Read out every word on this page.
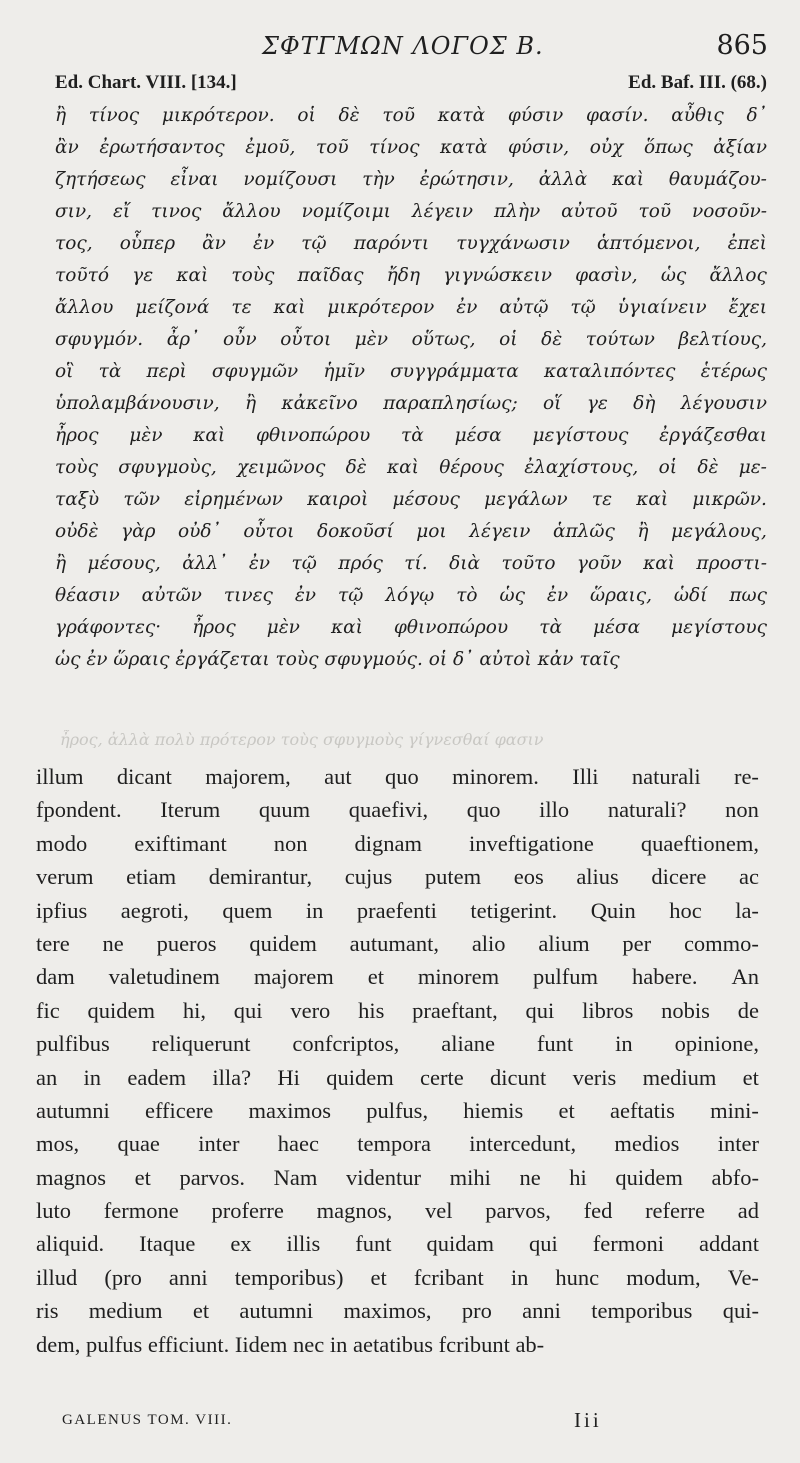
ΣΦΤΓΜΩΝ ΛΟΓΟΣ Β.	865
Ed. Chart. VIII. [134.]	Ed. Baf. III. (68.)
ἢ τίνος μικρότερον. οἱ δὲ τοῦ κατὰ φύσιν φασίν. αὖθις δ᾽
ἂν ἐρωτήσαντος ἐμοῦ, τοῦ τίνος κατὰ φύσιν, οὐχ ὅπως ἀξίαν
ζητήσεως εἶναι νομίζουσι τὴν ἐρώτησιν, ἀλλὰ καὶ θαυμάζου-
σιν, εἴ τινος ἄλλου νομίζοιμι λέγειν πλὴν αὐτοῦ τοῦ νοσοῦν-
τος, οὗπερ ἂν ἐν τῷ παρόντι τυγχάνωσιν ἁπτόμενοι, ἐπεὶ
τοῦτό γε καὶ τοὺς παῖδας ἤδη γιγνώσκειν φασὶν, ὡς ἄλλος
ἄλλου μείζονά τε καὶ μικρότερον ἐν αὐτῷ τῷ ὑγιαίνειν ἔχει
σφυγμόν. ἆρ᾽ οὖν οὗτοι μὲν οὕτως, οἱ δὲ τούτων βελτίους,
οἳ τὰ περὶ σφυγμῶν ἡμῖν συγγράμματα καταλιπόντες ἑτέρως
ὑπολαμβάνουσιν, ἢ κἀκεῖνο παραπλησίως; οἵ γε δὴ λέγουσιν
ἦρος μὲν καὶ φθινοπώρου τὰ μέσα μεγίστους ἐργάζεσθαι
τοὺς σφυγμοὺς, χειμῶνος δὲ καὶ θέρους ἐλαχίστους, οἱ δὲ με-
ταξὺ τῶν εἰρημένων καιροὶ μέσους μεγάλων τε καὶ μικρῶν.
οὐδὲ γὰρ οὐδ᾽ οὗτοι δοκοῦσί μοι λέγειν ἁπλῶς ἢ μεγάλους,
ἢ μέσους, ἀλλ᾽ ἐν τῷ πρός τί. διὰ τοῦτο γοῦν καὶ προστι-
θέασιν αὐτῶν τινες ἐν τῷ λόγῳ τὸ ὡς ἐν ὥραις, ὡδί πως
γράφοντες· ἦρος μὲν καὶ φθινοπώρου τὰ μέσα μεγίστους
ὡς ἐν ὥραις ἐργάζεται τοὺς σφυγμούς. οἱ δ᾽ αὐτοὶ κἀν ταῖς
ἦρος, ἀλλὰ πολὺ πρότερον τοὺς σφυγμοὺς γίγνεσθαί φασιν
illum dicant majorem, aut quo minorem. Illi naturali re-
fpondent. Iterum quum quaefivi, quo illo naturali? non
modo exiftimant non dignam inveftigatione quaeftionem,
verum etiam demirantur, cujus putem eos alius dicere ac
ipfius aegroti, quem in praefenti tetigerint. Quin hoc la-
tere ne pueros quidem autumant, alio alium per commo-
dam valetudinem majorem et minorem pulfum habere. An
fic quidem hi, qui vero his praeftant, qui libros nobis de
pulfibus reliquerunt confcriptos, aliane funt in opinione,
an in eadem illa? Hi quidem certe dicunt veris medium et
autumni efficere maximos pulfus, hiemis et aeftatis mini-
mos, quae inter haec tempora intercedunt, medios inter
magnos et parvos. Nam videntur mihi ne hi quidem abfo-
luto fermone proferre magnos, vel parvos, fed referre ad
aliquid. Itaque ex illis funt quidam qui fermoni addant
illud (pro anni temporibus) et fcribant in hunc modum, Ve-
ris medium et autumni maximos, pro anni temporibus qui-
dem, pulfus efficiunt. Iidem nec in aetatibus fcribunt ab-
GALENUS TOM. VIII.	Iii
